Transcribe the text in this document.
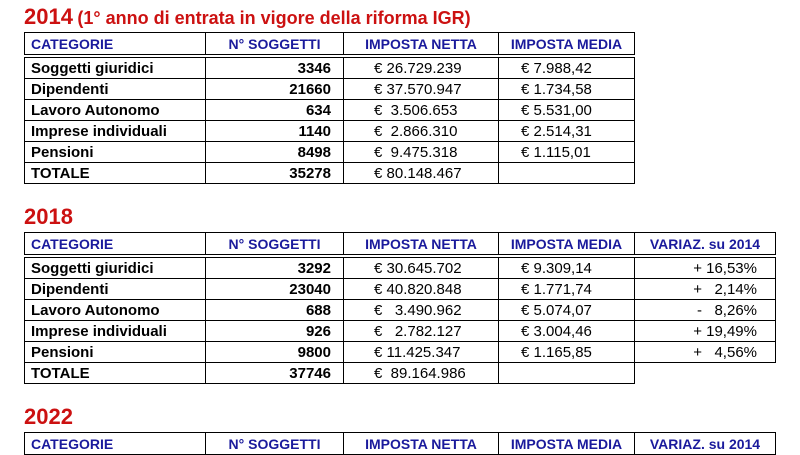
2014 (1° anno di entrata in vigore della riforma IGR)
CATEGORIE	N° SOGGETTI	IMPOSTA NETTA	IMPOSTA MEDIA

Soggetti giuridici	3346	€ 26.729.239	€ 7.988,42
Dipendenti	21660	€ 37.570.947	€ 1.734,58
Lavoro Autonomo	634	€  3.506.653	€ 5.531,00
Imprese individuali	1140	€  2.866.310	€ 2.514,31
Pensioni	8498	€  9.475.318	€ 1.115,01
TOTALE	35278	€ 80.148.467	
2018
CATEGORIE	N° SOGGETTI	IMPOSTA NETTA	IMPOSTA MEDIA	VARIAZ. su 2014

Soggetti giuridici	3292	€ 30.645.702	€ 9.309,14	+ 16,53%
Dipendenti	23040	€ 40.820.848	€ 1.771,74	+   2,14%
Lavoro Autonomo	688	€   3.490.962	€ 5.074,07	-   8,26%
Imprese individuali	926	€   2.782.127	€ 3.004,46	+ 19,49%
Pensioni	9800	€ 11.425.347	€ 1.165,85	+   4,56%
TOTALE	37746	€  89.164.986		
2022
CATEGORIE	N° SOGGETTI	IMPOSTA NETTA	IMPOSTA MEDIA	VARIAZ. su 2014
